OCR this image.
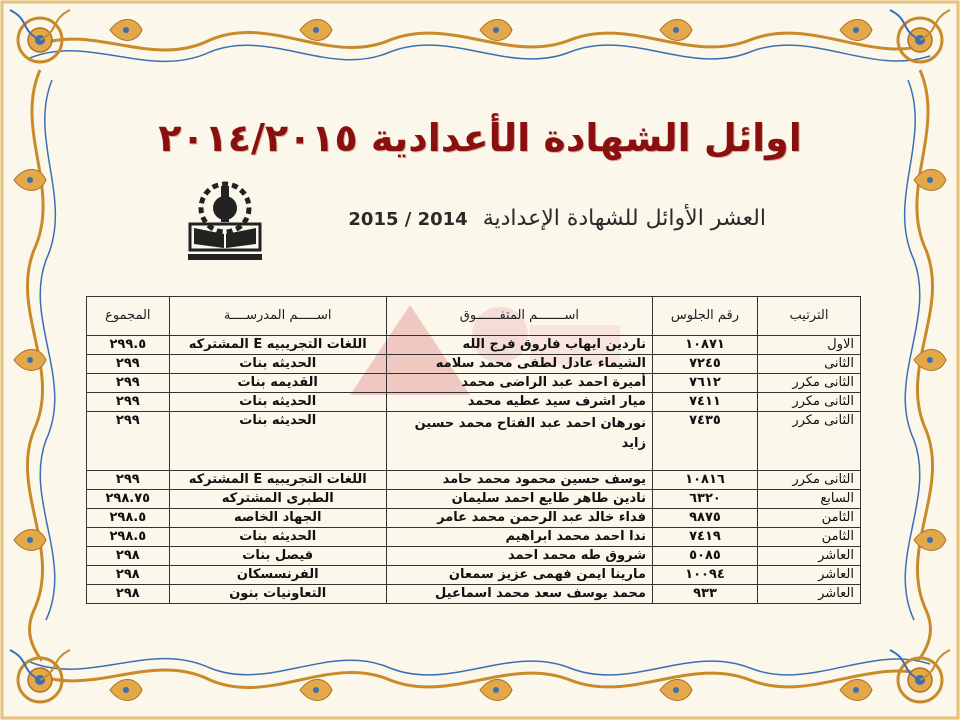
اوائل الشهادة الأعدادية ٢٠١٤/٢٠١٥
العشر الأوائل للشهادة الإعدادية 2015 / 2014
الترتيب	رقم الجلوس	اســـــــم المتفــــــوق	اســـــم المدرســــة	المجموع
الاول	١٠٨٧١	ناردين ايهاب فاروق فرج الله	اللغات التجريبيه E المشتركه	٢٩٩.٥
الثانى	٧٢٤٥	الشيماء عادل لطفى محمد سلامه	الحديثه بنات	٢٩٩
الثانى مكرر	٧٦١٢	أميرة احمد عبد الراضى محمد	القديمه بنات	٢٩٩
الثانى مكرر	٧٤١١	ميار اشرف سيد عطيه محمد	الحديثه بنات	٢٩٩
الثانى مكرر	٧٤٣٥	نورهان احمد عبد الفتاح محمد حسين زايد	الحديثه بنات	٢٩٩
الثانى مكرر	١٠٨١٦	يوسف حسين محمود محمد حامد	اللغات التجريبيه E المشتركه	٢٩٩
السابع	٦٣٢٠	نادين طاهر طايع احمد سليمان	الطبرى المشتركه	٢٩٨.٧٥
الثامن	٩٨٧٥	فداء خالد عبد الرحمن محمد عامر	الجهاد الخاصه	٢٩٨.٥
الثامن	٧٤١٩	ندا احمد محمد ابراهيم	الحديثه بنات	٢٩٨.٥
العاشر	٥٠٨٥	شروق طه محمد احمد	فيصل بنات	٢٩٨
العاشر	١٠٠٩٤	مارينا ايمن فهمى عزيز سمعان	الفرنسسكان	٢٩٨
العاشر	٩٣٣	محمد يوسف سعد محمد اسماعيل	التعاونيات بنون	٢٩٨
